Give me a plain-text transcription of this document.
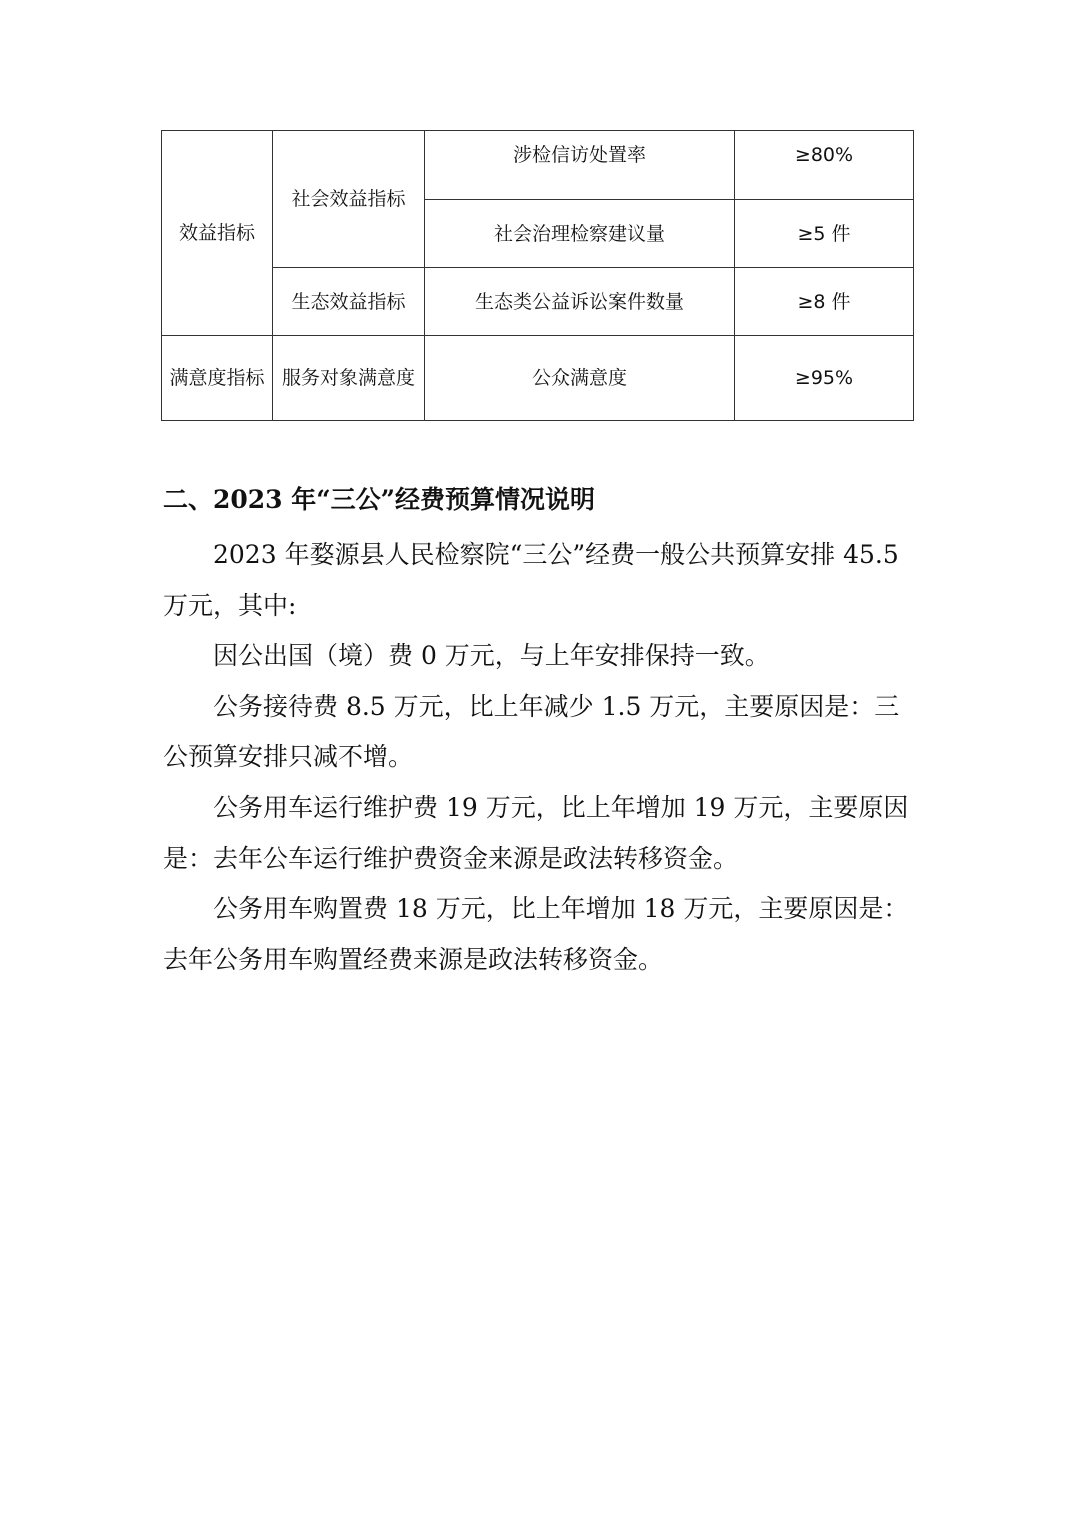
效益指标	社会效益指标	涉检信访处置率	≥80%
		社会治理检察建议量	≥5 件
	生态效益指标	生态类公益诉讼案件数量	≥8 件
满意度指标	服务对象满意度	公众满意度	≥95%
二、2023 年“三公”经费预算情况说明

2023 年婺源县人民检察院“三公”经费一般公共预算安排 45.5 万元，其中:

因公出国（境）费 0 万元，与上年安排保持一致。

公务接待费 8.5 万元，比上年减少 1.5 万元，主要原因是：三公预算安排只减不增。

公务用车运行维护费 19 万元，比上年增加 19 万元，主要原因是：去年公车运行维护费资金来源是政法转移资金。

公务用车购置费 18 万元，比上年增加 18 万元，主要原因是：去年公务用车购置经费来源是政法转移资金。
